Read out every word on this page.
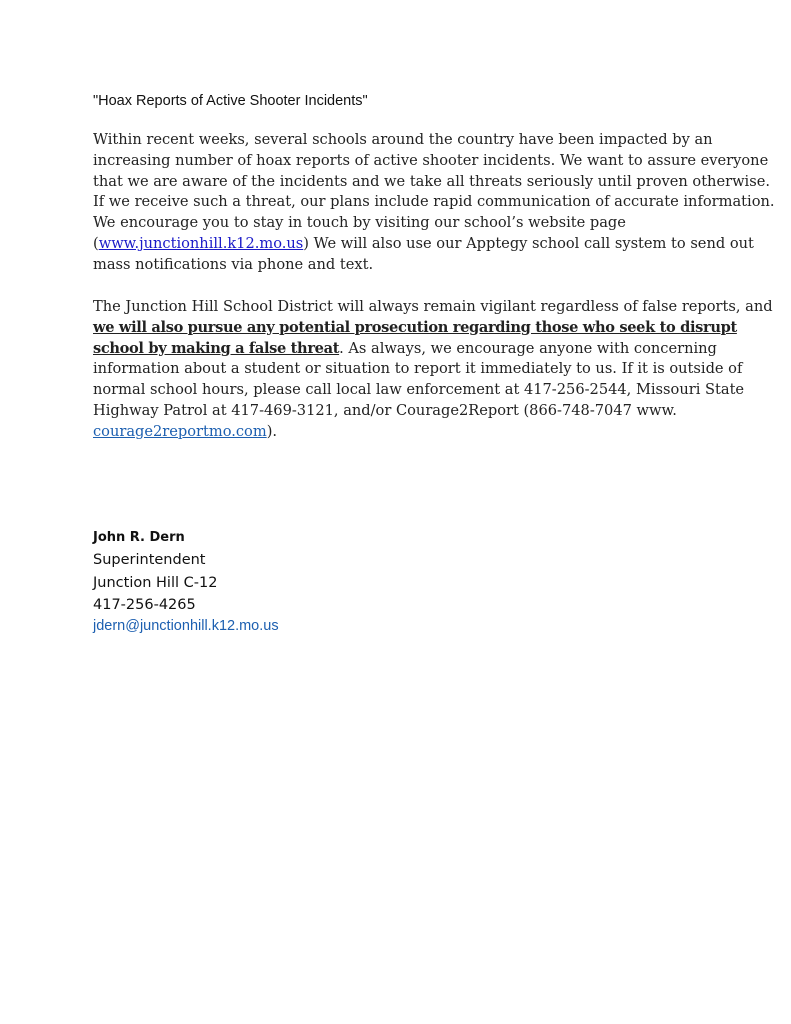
"Hoax Reports of Active Shooter Incidents"
Within recent weeks, several schools around the country have been impacted by an
increasing number of hoax reports of active shooter incidents. We want to assure everyone
that we are aware of the incidents and we take all threats seriously until proven otherwise.
If we receive such a threat, our plans include rapid communication of accurate information.
We encourage you to stay in touch by visiting our school’s website page
(www.junctionhill.k12.mo.us) We will also use our Apptegy school call system to send out
mass notifications via phone and text.
The Junction Hill School District will always remain vigilant regardless of false reports, and
we will also pursue any potential prosecution regarding those who seek to disrupt
school by making a false threat. As always, we encourage anyone with concerning
information about a student or situation to report it immediately to us. If it is outside of
normal school hours, please call local law enforcement at 417-256-2544, Missouri State
Highway Patrol at 417-469-3121, and/or Courage2Report (866-748-7047 www.
courage2reportmo.com).
John R. Dern
Superintendent
Junction Hill C-12
417-256-4265
jdern@junctionhill.k12.mo.us
